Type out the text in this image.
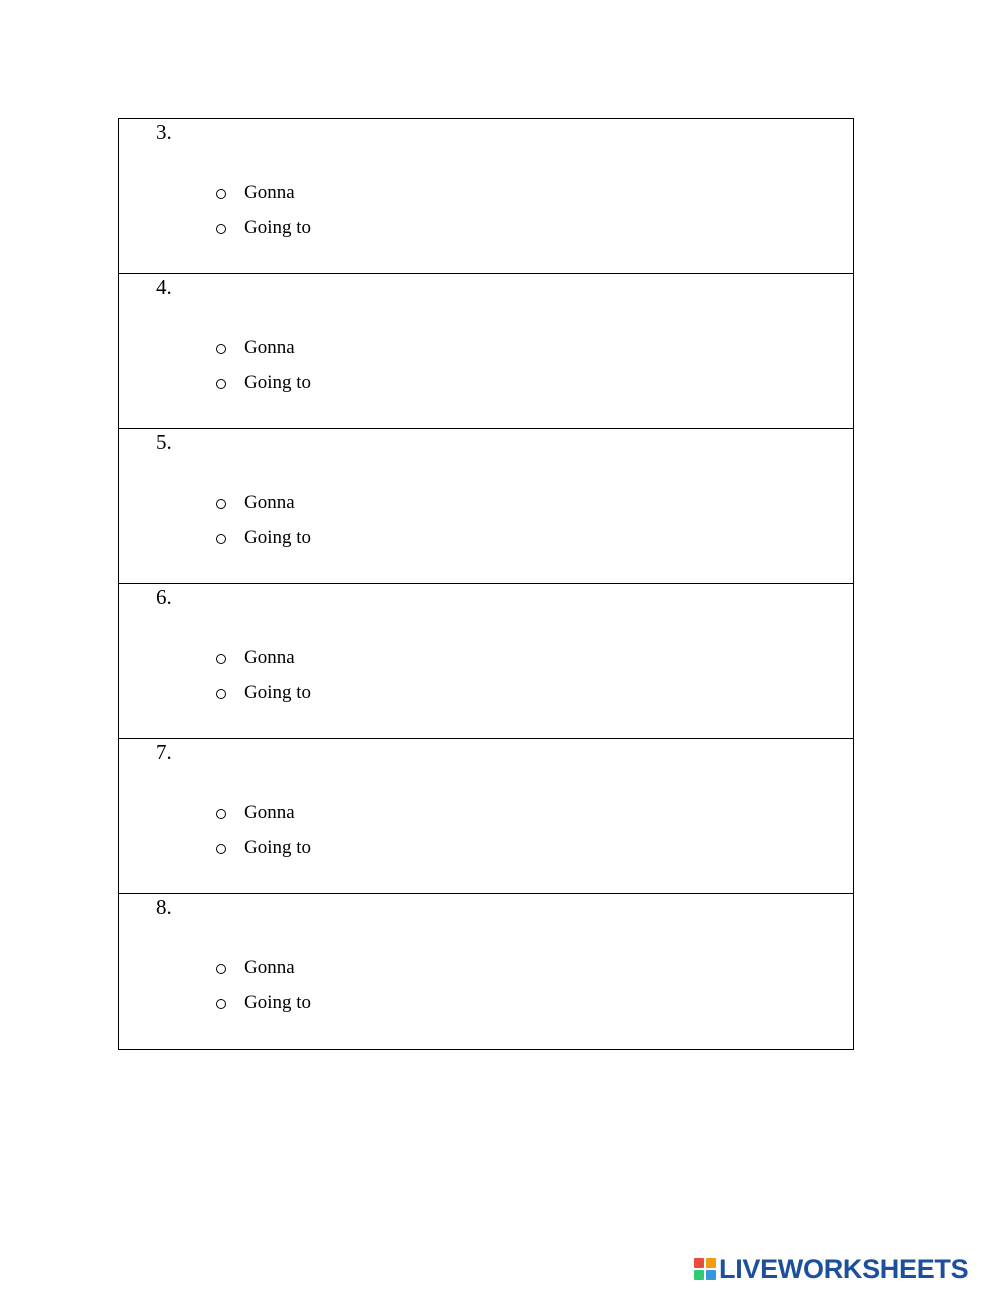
3.
Gonna
Going to
4.
Gonna
Going to
5.
Gonna
Going to
6.
Gonna
Going to
7.
Gonna
Going to
8.
Gonna
Going to
LIVEWORKSHEETS
